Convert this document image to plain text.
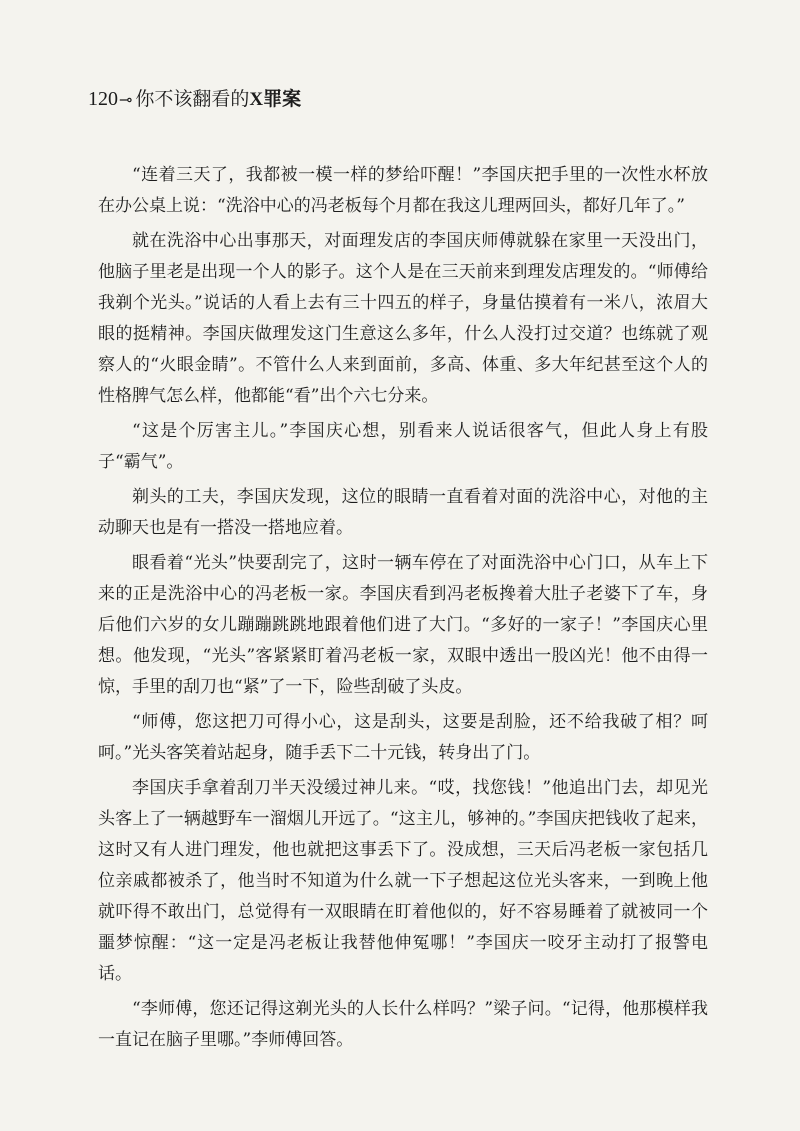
120⊸ 你不该翻看的X罪案

“连着三天了，我都被一模一样的梦给吓醒！”李国庆把手里的一次性水杯放在办公桌上说：“洗浴中心的冯老板每个月都在我这儿理两回头，都好几年了。”

就在洗浴中心出事那天，对面理发店的李国庆师傅就躲在家里一天没出门，他脑子里老是出现一个人的影子。这个人是在三天前来到理发店理发的。“师傅给我剃个光头。”说话的人看上去有三十四五的样子，身量估摸着有一米八，浓眉大眼的挺精神。李国庆做理发这门生意这么多年，什么人没打过交道？也练就了观察人的“火眼金睛”。不管什么人来到面前，多高、体重、多大年纪甚至这个人的性格脾气怎么样，他都能“看”出个六七分来。

“这是个厉害主儿。”李国庆心想，别看来人说话很客气，但此人身上有股子“霸气”。

剃头的工夫，李国庆发现，这位的眼睛一直看着对面的洗浴中心，对他的主动聊天也是有一搭没一搭地应着。

眼看着“光头”快要刮完了，这时一辆车停在了对面洗浴中心门口，从车上下来的正是洗浴中心的冯老板一家。李国庆看到冯老板搀着大肚子老婆下了车，身后他们六岁的女儿蹦蹦跳跳地跟着他们进了大门。“多好的一家子！”李国庆心里想。他发现，“光头”客紧紧盯着冯老板一家，双眼中透出一股凶光！他不由得一惊，手里的刮刀也“紧”了一下，险些刮破了头皮。

“师傅，您这把刀可得小心，这是刮头，这要是刮脸，还不给我破了相？呵呵。”光头客笑着站起身，随手丢下二十元钱，转身出了门。

李国庆手拿着刮刀半天没缓过神儿来。“哎，找您钱！”他追出门去，却见光头客上了一辆越野车一溜烟儿开远了。“这主儿，够神的。”李国庆把钱收了起来，这时又有人进门理发，他也就把这事丢下了。没成想，三天后冯老板一家包括几位亲戚都被杀了，他当时不知道为什么就一下子想起这位光头客来，一到晚上他就吓得不敢出门，总觉得有一双眼睛在盯着他似的，好不容易睡着了就被同一个噩梦惊醒：“这一定是冯老板让我替他伸冤哪！”李国庆一咬牙主动打了报警电话。

“李师傅，您还记得这剃光头的人长什么样吗？”梁子问。“记得，他那模样我一直记在脑子里哪。”李师傅回答。
